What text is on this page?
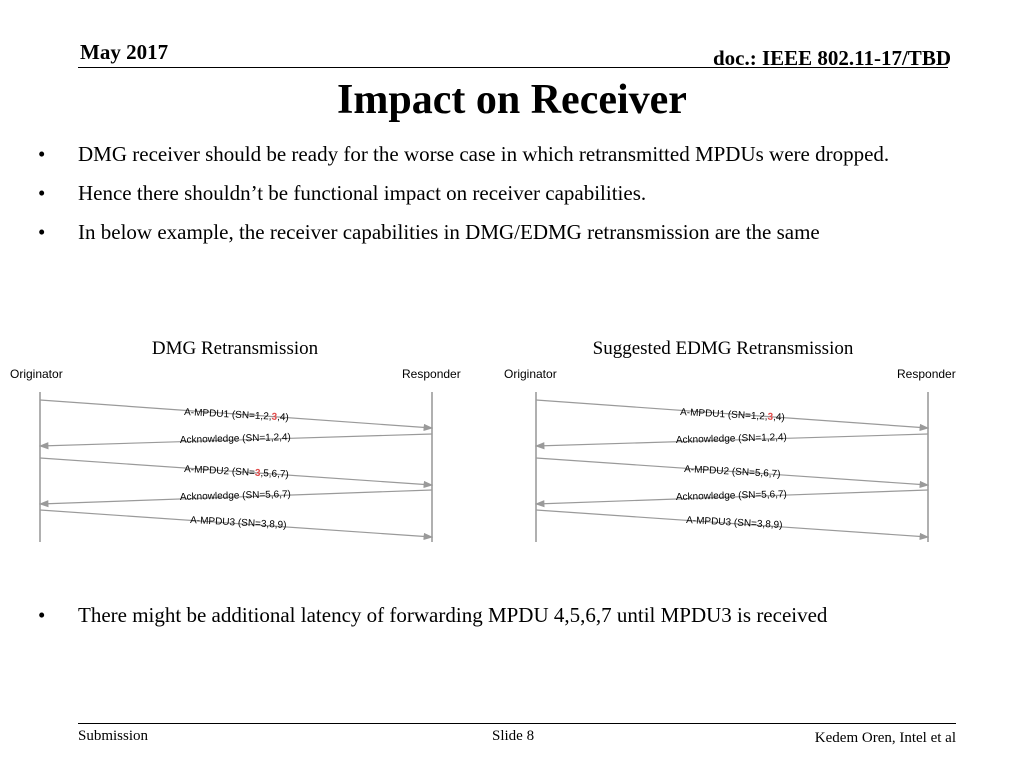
May 2017	doc.: IEEE 802.11-17/TBD
Impact on Receiver
• DMG receiver should be ready for the worse case in which retransmitted MPDUs were dropped.
• Hence there shouldn’t be functional impact on receiver capabilities.
• In below example, the receiver capabilities in DMG/EDMG retransmission are the same
DMG Retransmission
Originator	Responder
A-MPDU1 (SN=1,2,3,4)
Acknowledge (SN=1,2,4)
A-MPDU2 (SN=3,5,6,7)
Acknowledge (SN=5,6,7)
A-MPDU3 (SN=3,8,9)
Suggested EDMG Retransmission
Originator	Responder
A-MPDU1 (SN=1,2,3,4)
Acknowledge (SN=1,2,4)
A-MPDU2 (SN=5,6,7)
Acknowledge (SN=5,6,7)
A-MPDU3 (SN=3,8,9)
• There might be additional latency of forwarding MPDU 4,5,6,7 until MPDU3 is received
Submission	Slide 8	Kedem Oren, Intel et al
